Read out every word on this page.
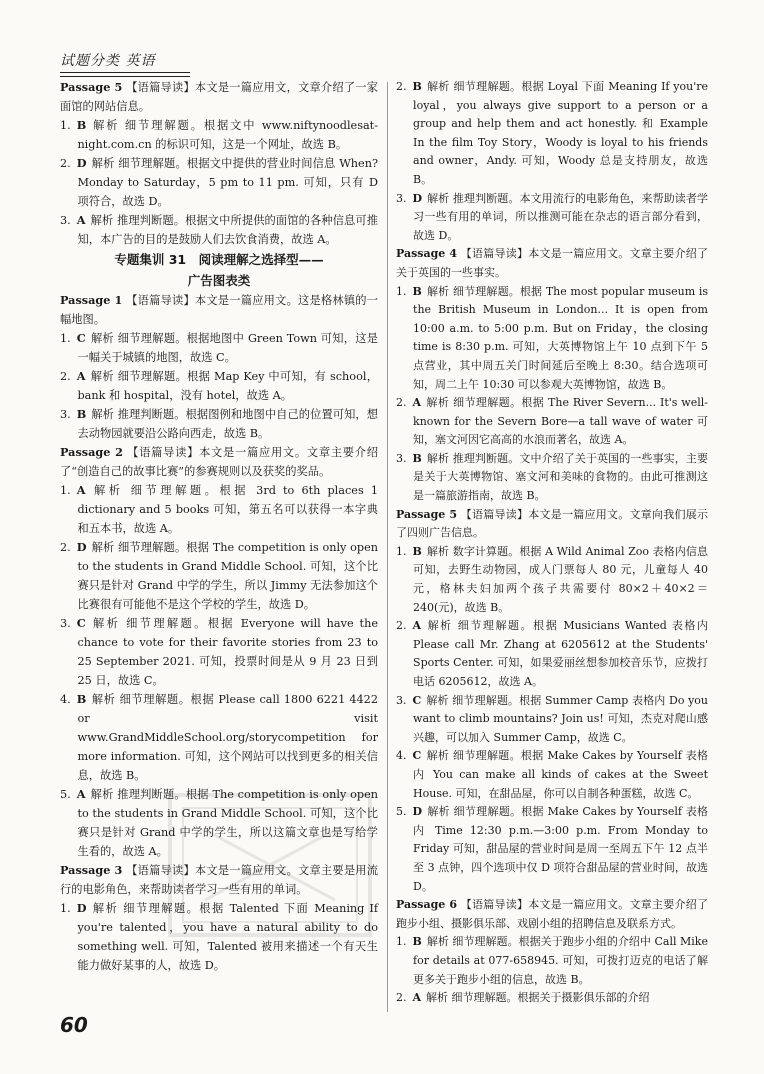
试题分类 英语

Passage 5 【语篇导读】本文是一篇应用文，文章介绍了一家面馆的网站信息。

1. B 解析 细节理解题。根据文中 www.niftynoodlesat-night.com.cn 的标识可知，这是一个网址，故选 B。

2. D 解析 细节理解题。根据文中提供的营业时间信息 When? Monday to Saturday，5 pm to 11 pm. 可知，只有 D 项符合，故选 D。

3. A 解析 推理判断题。根据文中所提供的面馆的各种信息可推知，本广告的目的是鼓励人们去饮食消费，故选 A。

专题集训 31　阅读理解之选择型——

广告图表类

Passage 1 【语篇导读】本文是一篇应用文。这是格林镇的一幅地图。

1. C 解析 细节理解题。根据地图中 Green Town 可知，这是一幅关于城镇的地图，故选 C。

2. A 解析 细节理解题。根据 Map Key 中可知，有 school，bank 和 hospital，没有 hotel，故选 A。

3. B 解析 推理判断题。根据图例和地图中自己的位置可知，想去动物园就要沿公路向西走，故选 B。

Passage 2 【语篇导读】本文是一篇应用文。文章主要介绍了“创造自己的故事比赛”的参赛规则以及获奖的奖品。

1. A 解析 细节理解题。根据 3rd to 6th places 1 dictionary and 5 books 可知，第五名可以获得一本字典和五本书，故选 A。

2. D 解析 细节理解题。根据 The competition is only open to the students in Grand Middle School. 可知，这个比赛只是针对 Grand 中学的学生，所以 Jimmy 无法参加这个比赛很有可能他不是这个学校的学生，故选 D。

3. C 解析 细节理解题。根据 Everyone will have the chance to vote for their favorite stories from 23 to 25 September 2021. 可知，投票时间是从 9 月 23 日到 25 日，故选 C。

4. B 解析 细节理解题。根据 Please call 1800 6221 4422 or visit www.GrandMiddleSchool.org/storycompetition for more information. 可知，这个网站可以找到更多的相关信息，故选 B。

5. A 解析 推理判断题。根据 The competition is only open to the students in Grand Middle School. 可知，这个比赛只是针对 Grand 中学的学生，所以这篇文章也是写给学生看的，故选 A。

Passage 3 【语篇导读】本文是一篇应用文。文章主要是用流行的电影角色，来帮助读者学习一些有用的单词。

1. D 解析 细节理解题。根据 Talented 下面 Meaning If you're talented，you have a natural ability to do something well. 可知，Talented 被用来描述一个有天生能力做好某事的人，故选 D。

2. B 解析 细节理解题。根据 Loyal 下面 Meaning If you're loyal，you always give support to a person or a group and help them and act honestly. 和 Example In the film Toy Story，Woody is loyal to his friends and owner，Andy. 可知，Woody 总是支持朋友，故选 B。

3. D 解析 推理判断题。本文用流行的电影角色，来帮助读者学习一些有用的单词，所以推测可能在杂志的语言部分看到，故选 D。

Passage 4 【语篇导读】本文是一篇应用文。文章主要介绍了关于英国的一些事实。

1. B 解析 细节理解题。根据 The most popular museum is the British Museum in London... It is open from 10:00 a.m. to 5:00 p.m. But on Friday，the closing time is 8:30 p.m. 可知，大英博物馆上午 10 点到下午 5 点营业，其中周五关门时间延后至晚上 8:30。结合选项可知，周二上午 10:30 可以参观大英博物馆，故选 B。

2. A 解析 细节理解题。根据 The River Severn... It's well-known for the Severn Bore—a tall wave of water 可知，塞文河因它高高的水浪而著名，故选 A。

3. B 解析 推理判断题。文中介绍了关于英国的一些事实，主要是关于大英博物馆、塞文河和美味的食物的。由此可推测这是一篇旅游指南，故选 B。

Passage 5 【语篇导读】本文是一篇应用文。文章向我们展示了四则广告信息。

1. B 解析 数字计算题。根据 A Wild Animal Zoo 表格内信息可知，去野生动物园，成人门票每人 80 元，儿童每人 40 元，格林夫妇加两个孩子共需要付 80×2＋40×2＝240(元)，故选 B。

2. A 解析 细节理解题。根据 Musicians Wanted 表格内 Please call Mr. Zhang at 6205612 at the Students' Sports Center. 可知，如果爱丽丝想参加校音乐节，应拨打电话 6205612，故选 A。

3. C 解析 细节理解题。根据 Summer Camp 表格内 Do you want to climb mountains? Join us! 可知，杰克对爬山感兴趣，可以加入 Summer Camp，故选 C。

4. C 解析 细节理解题。根据 Make Cakes by Yourself 表格内 You can make all kinds of cakes at the Sweet House. 可知，在甜品屋，你可以自制各种蛋糕，故选 C。

5. D 解析 细节理解题。根据 Make Cakes by Yourself 表格内 Time 12:30 p.m.—3:00 p.m. From Monday to Friday 可知，甜品屋的营业时间是周一至周五下午 12 点半至 3 点钟，四个选项中仅 D 项符合甜品屋的营业时间，故选 D。

Passage 6 【语篇导读】本文是一篇应用文。文章主要介绍了跑步小组、摄影俱乐部、戏剧小组的招聘信息及联系方式。

1. B 解析 细节理解题。根据关于跑步小组的介绍中 Call Mike for details at 077-658945. 可知，可拨打迈克的电话了解更多关于跑步小组的信息，故选 B。

2. A 解析 细节理解题。根据关于摄影俱乐部的介绍

60
